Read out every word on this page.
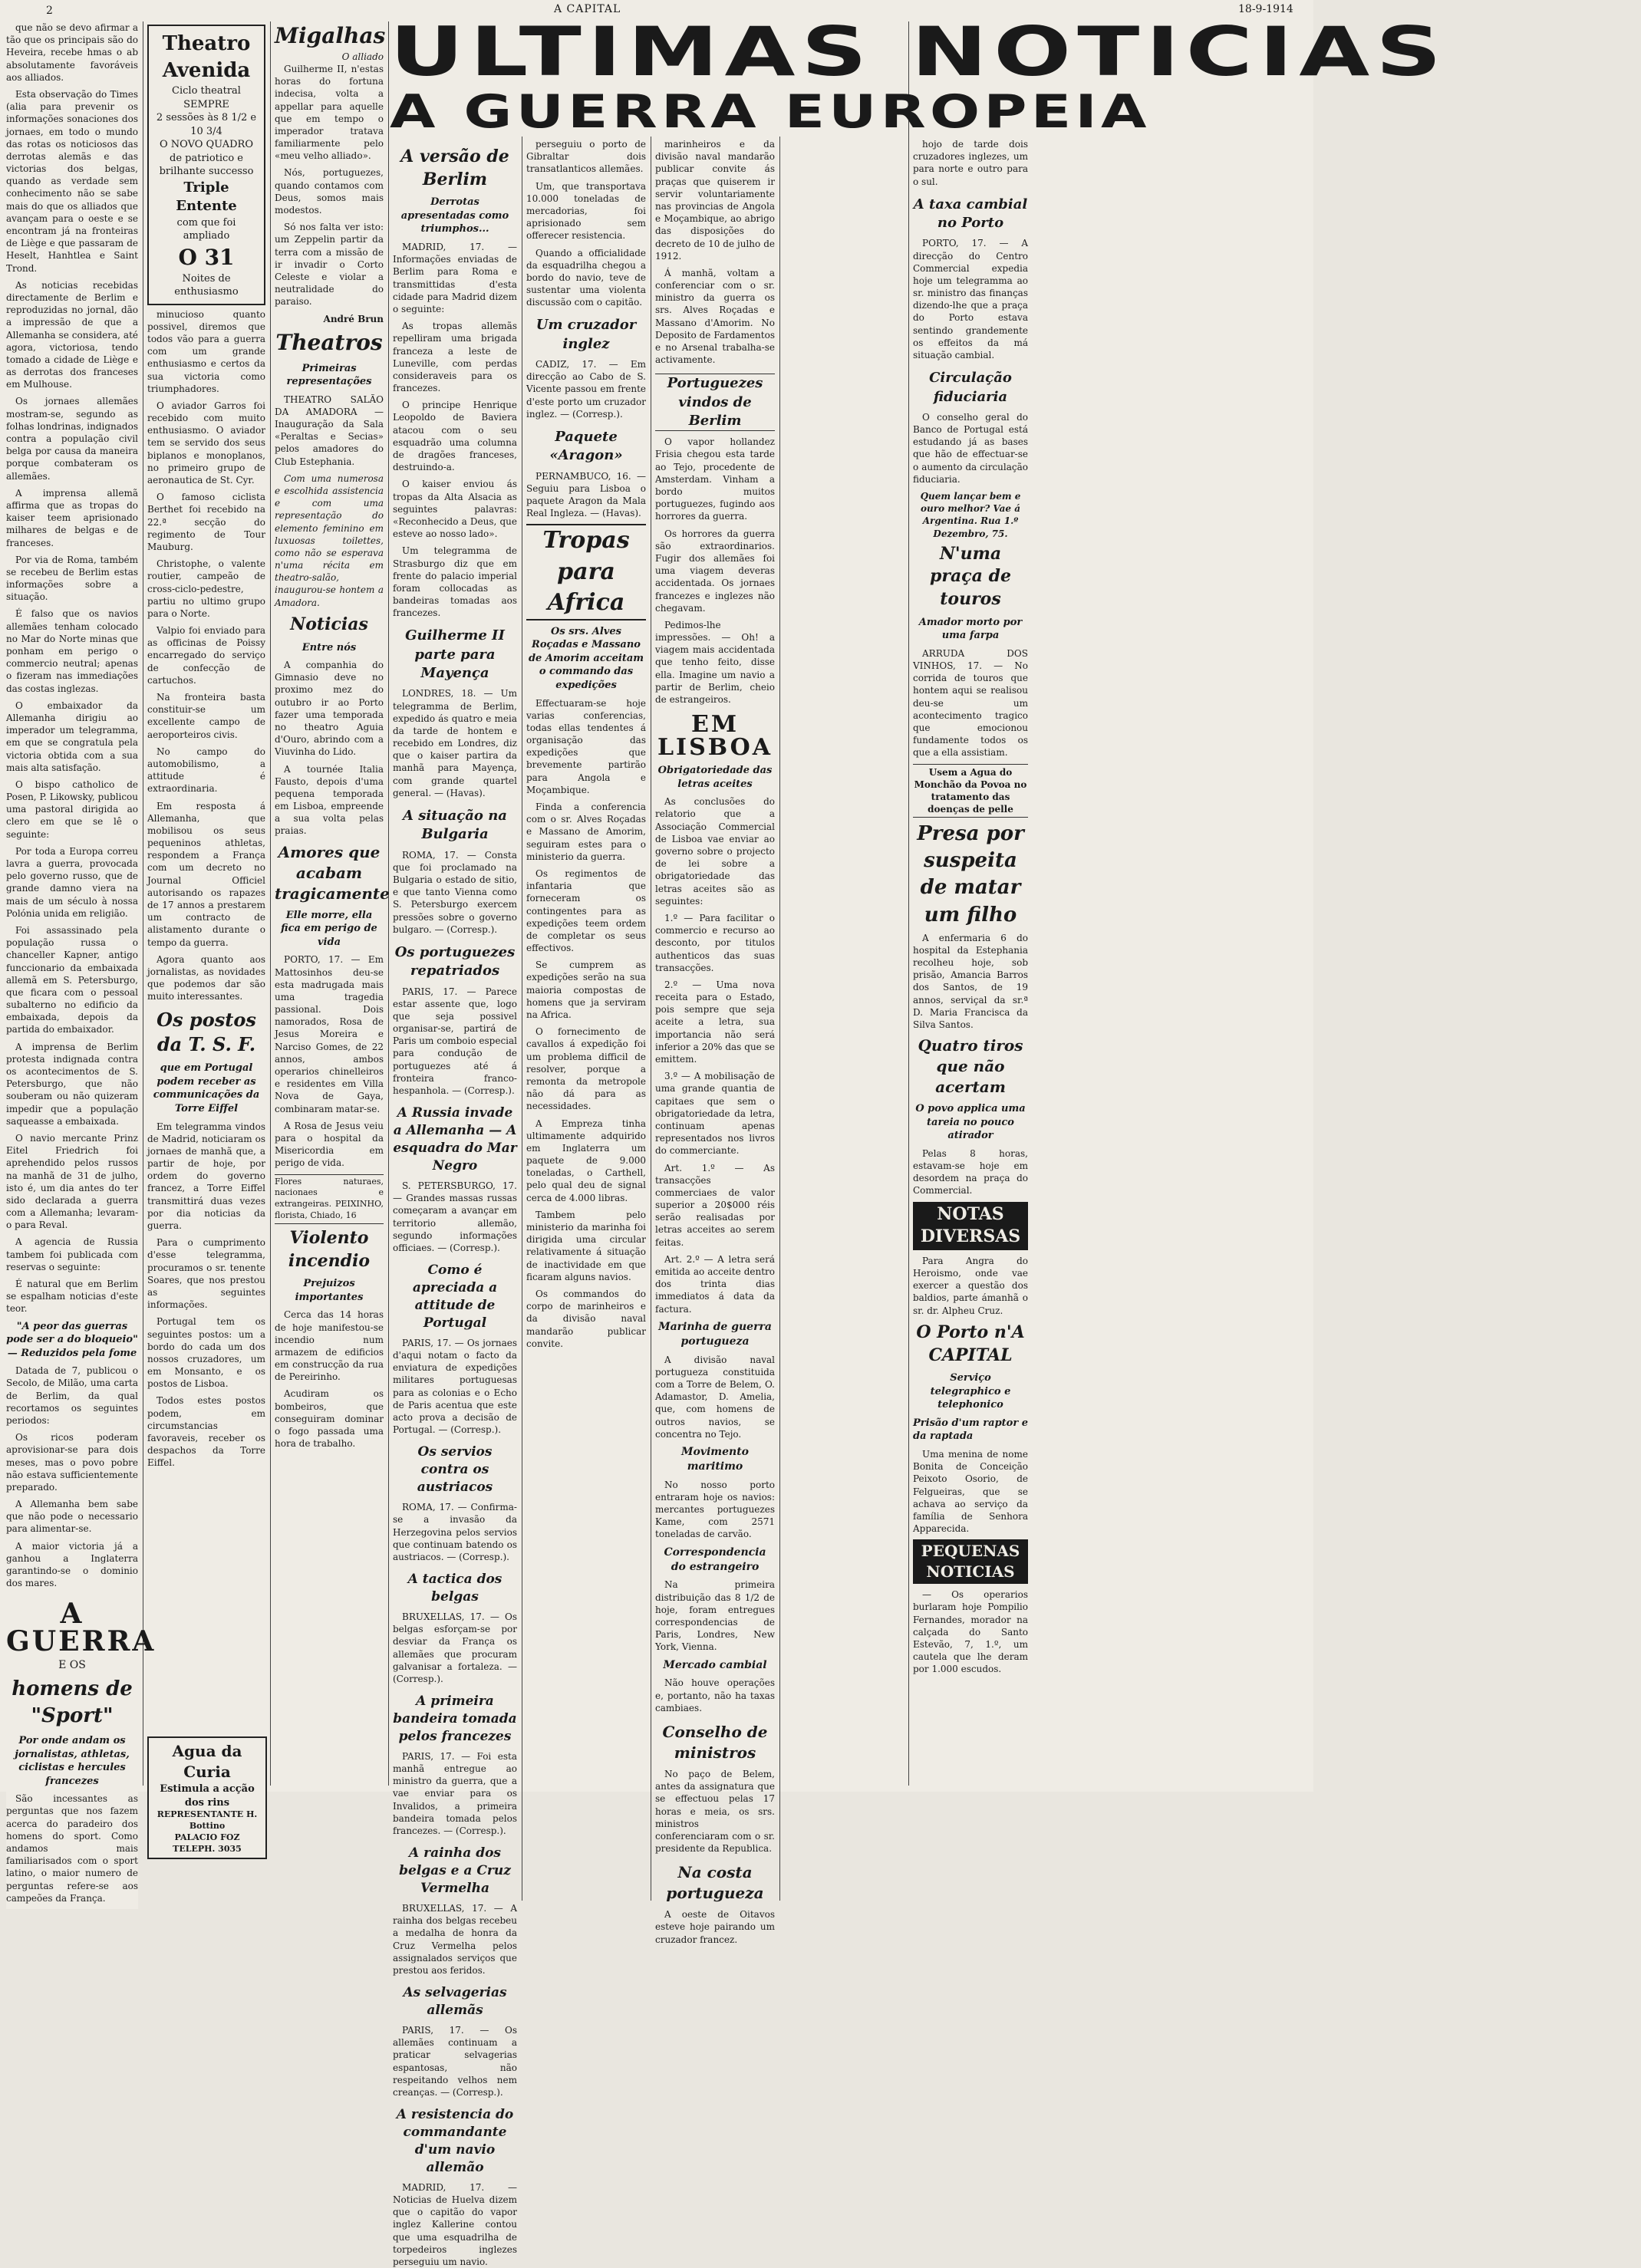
2	A CAPITAL	18-9-1914

que não se devo afirmar a tão que os principais são do Heveira, recebe hmas o ab absolutamente favoráveis aos alliados.

Esta observação do Times (alia para prevenir os informações sonaciones dos jornaes, em todo o mundo das rotas os noticiosos das derrotas alemãs e das victorias dos belgas, quando as verdade sem conhecimento não se sabe mais do que os alliados que avançam para o oeste e se encontram já na fronteiras de Liège e que passaram de Heselt, Hanhtlea e Saint Trond.

As noticias recebidas directamente de Berlim e reproduzidas no jornal, dão a impressão de que a Allemanha se considera, até agora, victoriosa, tendo tomado a cidade de Liège e as derrotas dos franceses em Mulhouse.

Os jornaes allemães mostram-se, segundo as folhas londrinas, indignados contra a população civil belga por causa da maneira porque combateram os allemães.

A imprensa allemã affirma que as tropas do kaiser teem aprisionado milhares de belgas e de franceses.

Por via de Roma, também se recebeu de Berlim estas informações sobre a situação.

É falso que os navios allemães tenham colocado no Mar do Norte minas que ponham em perigo o commercio neutral; apenas o fizeram nas immediações das costas inglezas.

O embaixador da Allemanha dirigiu ao imperador um telegramma, em que se congratula pela victoria obtida com a sua mais alta satisfação.

O bispo catholico de Posen, P. Likowsky, publicou uma pastoral dirigida ao clero em que se lê o seguinte:

Por toda a Europa correu lavra a guerra, provocada pelo governo russo, que de grande damno viera na mais de um século à nossa Polónia unida em religião.

Foi assassinado pela população russa o chanceller Kapner, antigo funccionario da embaixada allemã em S. Petersburgo, que ficara com o pessoal subalterno no edificio da embaixada, depois da partida do embaixador.

A imprensa de Berlim protesta indignada contra os acontecimentos de S. Petersburgo, que não souberam ou não quizeram impedir que a população saqueasse a embaixada.

O navio mercante Prinz Eitel Friedrich foi aprehendido pelos russos na manhã de 31 de julho, isto é, um dia antes do ter sido declarada a guerra com a Allemanha; levaram-o para Reval.

A agencia de Russia tambem foi publicada com reservas o seguinte:

É natural que em Berlim se espalham noticias d'este teor.

"A peor das guerras pode ser a do bloqueio" — Reduzidos pela fome

Datada de 7, publicou o Secolo, de Milão, uma carta de Berlim, da qual recortamos os seguintes periodos:

Os ricos poderam aprovisionar-se para dois meses, mas o povo pobre não estava sufficientemente preparado.

A Allemanha bem sabe que não pode o necessario para alimentar-se.

A maior victoria já a ganhou a Inglaterra garantindo-se o dominio dos mares.

A GUERRA
E OS
homens de "Sport"
Por onde andam os jornalistas, athletas, ciclistas e hercules francezes

São incessantes as perguntas que nos fazem acerca do paradeiro dos homens do sport. Como andamos mais familiarisados com o sport latino, o maior numero de perguntas refere-se aos campeões da França.

Theatro Avenida
Ciclo theatral
SEMPRE
2 sessões às 8 1/2 e 10 3/4
O NOVO QUADRO
de patriotico e brilhante successo
Triple Entente
com que foi ampliado
O 31
Noites de enthusiasmo

minucioso quanto possivel, diremos que todos vão para a guerra com um grande enthusiasmo e certos da sua victoria como triumphadores.

O aviador Garros foi recebido com muito enthusiasmo. O aviador tem se servido dos seus biplanos e monoplanos, no primeiro grupo de aeronautica de St. Cyr.

O famoso ciclista Berthet foi recebido na 22.ª secção do regimento de Tour Mauburg.

Christophe, o valente routier, campeão de cross-ciclo-pedestre, partiu no ultimo grupo para o Norte.

Valpio foi enviado para as officinas de Poissy encarregado do serviço de confecção de cartuchos.

Na fronteira basta constituir-se um excellente campo de aeroporteiros civis.

No campo do automobilismo, a attitude é extraordinaria.

Em resposta á Allemanha, que mobilisou os seus pequeninos athletas, respondem a França com um decreto no Journal Officiel autorisando os rapazes de 17 annos a prestarem um contracto de alistamento durante o tempo da guerra.

Agora quanto aos jornalistas, as novidades que podemos dar são muito interessantes.

Os postos da T. S. F.
que em Portugal podem receber as communicações da Torre Eiffel

Em telegramma vindos de Madrid, noticiaram os jornaes de manhã que, a partir de hoje, por ordem do governo francez, a Torre Eiffel transmittirá duas vezes por dia noticias da guerra.

Para o cumprimento d'esse telegramma, procuramos o sr. tenente Soares, que nos prestou as seguintes informações.

Portugal tem os seguintes postos: um a bordo do cada um dos nossos cruzadores, um em Monsanto, e os postos de Lisboa.

Todos estes postos podem, em circumstancias favoraveis, receber os despachos da Torre Eiffel.

Agua da Curia
Estimula a acção dos rins
REPRESENTANTE H. Bottino
PALACIO FOZ TELEPH. 3035
Migalhas
O alliado

Guilherme II, n'estas horas do fortuna indecisa, volta a appellar para aquelle que em tempo o imperador tratava familiarmente pelo «meu velho alliado».

Nós, portuguezes, quando contamos com Deus, somos mais modestos.

Só nos falta ver isto: um Zeppelin partir da terra com a missão de ir invadir o Corto Celeste e violar a neutralidade do paraiso.

André Brun
Theatros
Primeiras representações

THEATRO SALÃO DA AMADORA — Inauguração da Sala «Peraltas e Secias» pelos amadores do Club Estephania.

Com uma numerosa e escolhida assistencia e com uma representação do elemento feminino em luxuosas toilettes, como não se esperava n'uma récita em theatro-salão, inaugurou-se hontem a Amadora.

Noticias
Entre nós

A companhia do Gimnasio deve no proximo mez do outubro ir ao Porto fazer uma temporada no theatro Aguia d'Ouro, abrindo com a Viuvinha do Lido.

A tournée Italia Fausto, depois d'uma pequena temporada em Lisboa, empreende a sua volta pelas praias.

Amores que acabam tragicamente
Elle morre, ella fica em perigo de vida

PORTO, 17. — Em Mattosinhos deu-se esta madrugada mais uma tragedia passional. Dois namorados, Rosa de Jesus Moreira e Narciso Gomes, de 22 annos, ambos operarios chinelleiros e residentes em Villa Nova de Gaya, combinaram matar-se.

A Rosa de Jesus veiu para o hospital da Misericordia em perigo de vida.

Flores naturaes, nacionaes e extrangeiras. PEIXINHO, florista, Chiado, 16
Violento incendio
Prejuizos importantes

Cerca das 14 horas de hoje manifestou-se incendio num armazem de edificios em construcção da rua de Pereirinho.

Acudiram os bombeiros, que conseguiram dominar o fogo passada uma hora de trabalho.

ULTIMAS NOTICIAS
A GUERRA EUROPEIA
A versão de Berlim
Derrotas apresentadas como triumphos...

MADRID, 17. — Informações enviadas de Berlim para Roma e transmittidas d'esta cidade para Madrid dizem o seguinte:

As tropas allemãs repelliram uma brigada franceza a leste de Luneville, com perdas consideraveis para os francezes.

O principe Henrique Leopoldo de Baviera atacou com o seu esquadrão uma columna de dragões franceses, destruindo-a.

O kaiser enviou ás tropas da Alta Alsacia as seguintes palavras: «Reconhecido a Deus, que esteve ao nosso lado».

Um telegramma de Strasburgo diz que em frente do palacio imperial foram collocadas as bandeiras tomadas aos francezes.

Guilherme II parte para Mayença

LONDRES, 18. — Um telegramma de Berlim, expedido ás quatro e meia da tarde de hontem e recebido em Londres, diz que o kaiser partira da manhã para Mayença, com grande quartel general. — (Havas).

A situação na Bulgaria

ROMA, 17. — Consta que foi proclamado na Bulgaria o estado de sitio, e que tanto Vienna como S. Petersburgo exercem pressões sobre o governo bulgaro. — (Corresp.).

Os portuguezes repatriados

PARIS, 17. — Parece estar assente que, logo que seja possivel organisar-se, partirá de Paris um comboio especial para condução de portuguezes até á fronteira franco-hespanhola. — (Corresp.).

A Russia invade a Allemanha — A esquadra do Mar Negro

S. PETERSBURGO, 17. — Grandes massas russas começaram a avançar em territorio allemão, segundo informações officiaes. — (Corresp.).

Como é apreciada a attitude de Portugal

PARIS, 17. — Os jornaes d'aqui notam o facto da enviatura de expedições militares portuguesas para as colonias e o Echo de Paris acentua que este acto prova a decisão de Portugal. — (Corresp.).

Os servios contra os austriacos

ROMA, 17. — Confirma-se a invasão da Herzegovina pelos servios que continuam batendo os austriacos. — (Corresp.).

A tactica dos belgas

BRUXELLAS, 17. — Os belgas esforçam-se por desviar da França os allemães que procuram galvanisar a fortaleza. — (Corresp.).

A primeira bandeira tomada pelos francezes

PARIS, 17. — Foi esta manhã entregue ao ministro da guerra, que a vae enviar para os Invalidos, a primeira bandeira tomada pelos francezes. — (Corresp.).

A rainha dos belgas e a Cruz Vermelha

BRUXELLAS, 17. — A rainha dos belgas recebeu a medalha de honra da Cruz Vermelha pelos assignalados serviços que prestou aos feridos.

As selvagerias allemãs

PARIS, 17. — Os allemães continuam a praticar selvagerias espantosas, não respeitando velhos nem creanças. — (Corresp.).

A resistencia do commandante d'um navio allemão

MADRID, 17. — Noticias de Huelva dizem que o capitão do vapor inglez Kallerine contou que uma esquadrilha de torpedeiros inglezes perseguiu um navio.

perseguiu o porto de Gibraltar dois transatlanticos allemães.

Um, que transportava 10.000 toneladas de mercadorias, foi aprisionado sem offerecer resistencia.

Quando a officialidade da esquadrilha chegou a bordo do navio, teve de sustentar uma violenta discussão com o capitão.

Um cruzador inglez

CADIZ, 17. — Em direcção ao Cabo de S. Vicente passou em frente d'este porto um cruzador inglez. — (Corresp.).

Paquete «Aragon»

PERNAMBUCO, 16. — Seguiu para Lisboa o paquete Aragon da Mala Real Ingleza. — (Havas).

Tropas para Africa
Os srs. Alves Roçadas e Massano de Amorim acceitam o commando das expedições

Effectuaram-se hoje varias conferencias, todas ellas tendentes á organisação das expedições que brevemente partirão para Angola e Moçambique.

Finda a conferencia com o sr. Alves Roçadas e Massano de Amorim, seguiram estes para o ministerio da guerra.

Os regimentos de infantaria que forneceram os contingentes para as expedições teem ordem de completar os seus effectivos.

Se cumprem as expedições serão na sua maioria compostas de homens que ja serviram na Africa.

O fornecimento de cavallos á expedição foi um problema difficil de resolver, porque a remonta da metropole não dá para as necessidades.

A Empreza tinha ultimamente adquirido em Inglaterra um paquete de 9.000 toneladas, o Carthell, pelo qual deu de signal cerca de 4.000 libras.

Tambem pelo ministerio da marinha foi dirigida uma circular relativamente á situação de inactividade em que ficaram alguns navios.

Os commandos do corpo de marinheiros e da divisão naval mandarão publicar convite.

marinheiros e da divisão naval mandarão publicar convite ás praças que quiserem ir servir voluntariamente nas provincias de Angola e Moçambique, ao abrigo das disposições do decreto de 10 de julho de 1912.

Á manhã, voltam a conferenciar com o sr. ministro da guerra os srs. Alves Roçadas e Massano d'Amorim. No Deposito de Fardamentos e no Arsenal trabalha-se activamente.

Portuguezes vindos de Berlim

O vapor hollandez Frisia chegou esta tarde ao Tejo, procedente de Amsterdam. Vinham a bordo muitos portuguezes, fugindo aos horrores da guerra.

Os horrores da guerra são extraordinarios. Fugir dos allemães foi uma viagem deveras accidentada. Os jornaes francezes e inglezes não chegavam.

Pedimos-lhe impressões. — Oh! a viagem mais accidentada que tenho feito, disse ella. Imagine um navio a partir de Berlim, cheio de estrangeiros.

EM LISBOA
Obrigatoriedade das letras aceites

As conclusões do relatorio que a Associação Commercial de Lisboa vae enviar ao governo sobre o projecto de lei sobre a obrigatoriedade das letras aceites são as seguintes:

1.º — Para facilitar o commercio e recurso ao desconto, por titulos authenticos das suas transacções.

2.º — Uma nova receita para o Estado, pois sempre que seja aceite a letra, sua importancia não será inferior a 20% das que se emittem.

3.º — A mobilisação de uma grande quantia de capitaes que sem o obrigatoriedade da letra, continuam apenas representados nos livros do commerciante.

Art. 1.º — As transacções commerciaes de valor superior a 20$000 réis serão realisadas por letras acceites ao serem feitas.

Art. 2.º — A letra será emitida ao acceite dentro dos trinta dias immediatos á data da factura.

Marinha de guerra portugueza

A divisão naval portugueza constituida com a Torre de Belem, O. Adamastor, D. Amelia, que, com homens de outros navios, se concentra no Tejo.

Movimento maritimo

No nosso porto entraram hoje os navios: mercantes portuguezes Kame, com 2571 toneladas de carvão.

Correspondencia do estrangeiro

Na primeira distribuição das 8 1/2 de hoje, foram entregues correspondencias de Paris, Londres, New York, Vienna.

Mercado cambial

Não houve operações e, portanto, não ha taxas cambiaes.

Conselho de ministros

No paço de Belem, antes da assignatura que se effectuou pelas 17 horas e meia, os srs. ministros conferenciaram com o sr. presidente da Republica.

Na costa portugueza

A oeste de Oitavos esteve hoje pairando um cruzador francez.

hojo de tarde dois cruzadores inglezes, um para norte e outro para o sul.

A taxa cambial no Porto

PORTO, 17. — A direcção do Centro Commercial expedia hoje um telegramma ao sr. ministro das finanças dizendo-lhe que a praça do Porto estava sentindo grandemente os effeitos da má situação cambial.

Circulação fiduciaria

O conselho geral do Banco de Portugal está estudando já as bases que hão de effectuar-se o aumento da circulação fiduciaria.

Quem lançar bem e ouro melhor? Vae á Argentina. Rua 1.º Dezembro, 75.
N'uma praça de touros
Amador morto por uma farpa

ARRUDA DOS VINHOS, 17. — No corrida de touros que hontem aqui se realisou deu-se um acontecimento tragico que emocionou fundamente todos os que a ella assistiam.

Usem a Agua do Monchão da Povoa no tratamento das doenças de pelle
Presa por suspeita de matar um filho

A enfermaria 6 do hospital da Estephania recolheu hoje, sob prisão, Amancia Barros dos Santos, de 19 annos, serviçal da sr.ª D. Maria Francisca da Silva Santos.

Quatro tiros que não acertam
O povo applica uma tareia no pouco atirador

Pelas 8 horas, estavam-se hoje em desordem na praça do Commercial.

NOTAS DIVERSAS

Para Angra do Heroismo, onde vae exercer a questão dos baldios, parte ámanhã o sr. dr. Alpheu Cruz.

O Porto n'A CAPITAL
Serviço telegraphico e telephonico
Prisão d'um raptor e da raptada

Uma menina de nome Bonita de Conceição Peixoto Osorio, de Felgueiras, que se achava ao serviço da família de Senhora Apparecida.

PEQUENAS NOTICIAS

— Os operarios burlaram hoje Pompilio Fernandes, morador na calçada do Santo Estevão, 7, 1.º, um cautela que lhe deram por 1.000 escudos.
